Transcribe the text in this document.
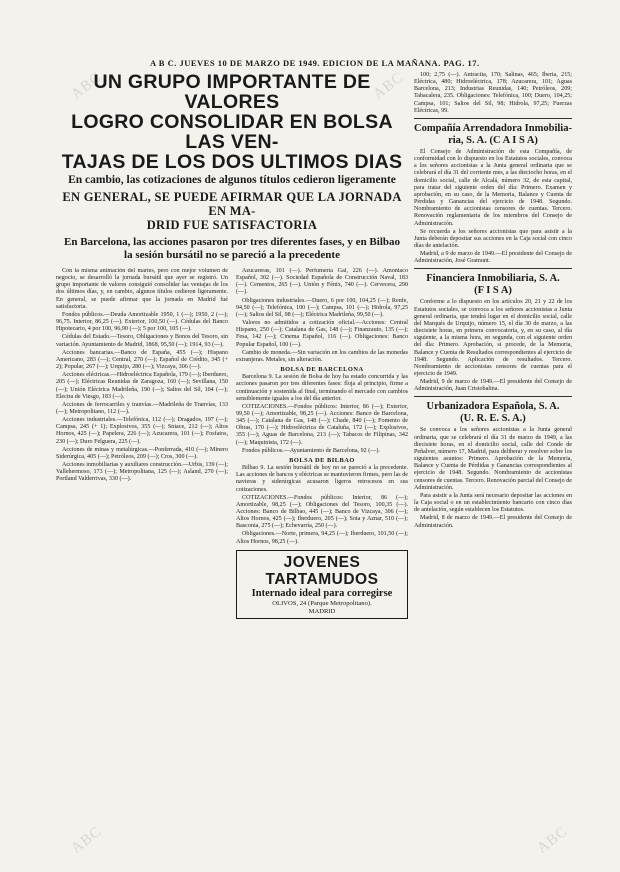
A B C. JUEVES 10 DE MARZO DE 1949. EDICION DE LA MAÑANA. PAG. 17.
UN GRUPO IMPORTANTE DE VALORES
LOGRO CONSOLIDAR EN BOLSA LAS VEN-
TAJAS DE LOS DOS ULTIMOS DIAS
En cambio, las cotizaciones de algunos títulos cedieron ligeramente
EN GENERAL, SE PUEDE AFIRMAR QUE LA JORNADA EN MA-
DRID FUE SATISFACTORIA
En Barcelona, las acciones pasaron por tres diferentes fases, y en Bilbao
la sesión bursátil no se pareció a la precedente

Con la misma animación del martes, pero con mejor volumen de negocio, se desarrolló la jornada bursátil que ayer se registró. Un grupo importante de valores consiguió consolidar las ventajas de los dos últimos días, y, en cambio, algunos títulos cedieron ligeramente. En general, se puede afirmar que la jornada en Madrid fué satisfactoria.

Fondos públicos.—Deuda Amortizable 1950, 1 (—); 1950, 2 (—); 96,75. Interior, 86,25 (—). Exterior, 100,50 (—). Cédulas del Banco Hipotecario, 4 por 100, 96,90 (—); 5 por 100, 105 (—).

Cédulas del Estado.—Tesoro, Obligaciones y Bonos del Tesoro, sin variación. Ayuntamiento de Madrid, 1868, 95,50 (—); 1914, 93 (—).

Acciones bancarias.—Banco de España, 455 (—); Hispano Americano, 283 (—); Central, 270 (—); Español de Crédito, 345 (+ 2); Popular, 267 (—); Urquijo, 280 (—); Vizcaya, 306 (—).

Acciones eléctricas.—Hidroeléctrica Española, 179 (—); Iberduero, 205 (—); Eléctricas Reunidas de Zaragoza, 160 (—); Sevillana, 150 (—); Unión Eléctrica Madrileña, 190 (—); Saltos del Sil, 104 (—); Electra de Viesgo, 183 (—).

Acciones de ferrocarriles y tranvías.—Madrileña de Tranvías, 133 (—); Metropolitano, 112 (—).

Acciones industriales.—Telefónica, 112 (—); Dragados, 197 (—); Campsa, 245 (+ 1); Explosivos, 355 (—); Sniace, 212 (—); Altos Hornos, 425 (—); Papelera, 226 (—); Azucarera, 101 (—); Fosfatos, 230 (—); Duro Felguera, 225 (—).

Acciones de minas y metalúrgicas.—Ponferrada, 410 (—); Minero Siderúrgica, 405 (—); Petróleos, 209 (—); Cros, 300 (—).

Acciones inmobiliarias y auxiliares construcción.—Urbis, 139 (—); Vallehermoso, 173 (—); Metropolitana, 125 (—); Asland, 270 (—); Portland Valderrivas, 330 (—).

Azucareras, 101 (—). Perfumería Gal, 226 (—). Amoniaco Español, 302 (—). Sociedad Española de Construcción Naval, 183 (—). Cementos, 265 (—). Unión y Fénix, 740 (—). Cervecera, 290 (—).

Obligaciones industriales.—Duero, 6 por 100, 104,25 (—); Renfe, 94,50 (—); Telefónica, 100 (—); Campsa, 101 (—); Hidrola, 97,25 (—); Saltos del Sil, 98 (—); Eléctrica Madrileña, 99,50 (—).

Valores no admitidos a cotización oficial.—Acciones: Central Hispano, 250 (—); Catalana de Gas, 148 (—); Finanzauto, 135 (—); Fesa, 142 (—); Cinema Español, 116 (—). Obligaciones: Banco Popular Español, 100 (—).

Cambio de moneda.—Sin variación en los cambios de las monedas extranjeras. Metales, sin alteración.

BOLSA DE BARCELONA

Barcelona 9. La sesión de Bolsa de hoy ha estado concurrida y las acciones pasaron por tres diferentes fases: floja al principio, firme a continuación y sostenida al final, terminando el mercado con cambios sensiblemente iguales a los del día anterior.

COTIZACIONES.—Fondos públicos: Interior, 86 (—); Exterior, 99,50 (—); Amortizable, 98,25 (—). Acciones: Banco de Barcelona, 345 (—); Catalana de Gas, 148 (—); Chade, 840 (—); Fomento de Obras, 170 (—); Hidroeléctrica de Cataluña, 172 (—); Explosivos, 355 (—); Aguas de Barcelona, 213 (—); Tabacos de Filipinas, 342 (—); Maquinista, 172 (—).

Fondos públicos.—Ayuntamiento de Barcelona, 92 (—).

BOLSA DE BILBAO

Bilbao 9. La sesión bursátil de hoy no se pareció a la precedente. Las acciones de bancos y eléctricas se mantuvieron firmes, pero las de navieras y siderúrgicas acusaron ligeros retrocesos en sus cotizaciones.

COTIZACIONES.—Fondos públicos: Interior, 86 (—); Amortizable, 98,25 (—); Obligaciones del Tesoro, 100,35 (—). Acciones: Banco de Bilbao, 445 (—); Banco de Vizcaya, 306 (—); Altos Hornos, 425 (—); Iberduero, 205 (—); Sota y Aznar, 510 (—); Basconia, 275 (—); Echevarría, 250 (—).

Obligaciones.—Norte, primera, 94,25 (—); Iberduero, 101,50 (—); Altos Hornos, 98,25 (—).

JOVENES TARTAMUDOS
Internado ideal para corregirse
OLIVOS, 24 (Parque Metropolitano).
MADRID

100; 2,75 (—). Antracita, 170; Salinas, 465; Iberia, 215; Eléctrica, 480; Hidroeléctrica, 178; Azucarera, 101; Aguas Barcelona, 213; Industrias Reunidas, 140; Petróleos, 209; Tabacalera, 235. Obligaciones: Telefónica, 100; Duero, 104,25; Campsa, 101; Saltos del Sil, 98; Hidrola, 97,25; Fuerzas Eléctricas, 99.

Compañía Arrendadora Inmobilia-
ria, S. A. (C A I S A)

El Consejo de Administración de esta Compañía, de conformidad con lo dispuesto en los Estatutos sociales, convoca a los señores accionistas a la Junta general ordinaria que se celebrará el día 31 del corriente mes, a las dieciocho horas, en el domicilio social, calle de Alcalá, número 32, de esta capital, para tratar del siguiente orden del día: Primero. Examen y aprobación, en su caso, de la Memoria, Balance y Cuenta de Pérdidas y Ganancias del ejercicio de 1948. Segundo. Nombramiento de accionistas censores de cuentas. Tercero. Renovación reglamentaria de los miembros del Consejo de Administración.

Se recuerda a los señores accionistas que para asistir a la Junta deberán depositar sus acciones en la Caja social con cinco días de antelación.

Madrid, a 9 de marzo de 1949.—El presidente del Consejo de Administración, José Gramunt.

Financiera Inmobiliaria, S. A.
(F I S A)

Conforme a lo dispuesto en los artículos 20, 21 y 22 de los Estatutos sociales, se convoca a los señores accionistas a Junta general ordinaria, que tendrá lugar en el domicilio social, calle del Marqués de Urquijo, número 15, el día 30 de marzo, a las diecisiete horas, en primera convocatoria, y, en su caso, al día siguiente, a la misma hora, en segunda, con el siguiente orden del día: Primero. Aprobación, si procede, de la Memoria, Balance y Cuenta de Resultados correspondientes al ejercicio de 1948. Segundo. Aplicación de resultados. Tercero. Nombramiento de accionistas censores de cuentas para el ejercicio de 1949.

Madrid, 9 de marzo de 1949.—El presidente del Consejo de Administración, Juan Cristobalina.

Urbanizadora Española, S. A.
(U. R. E. S. A.)

Se convoca a los señores accionistas a la Junta general ordinaria, que se celebrará el día 31 de marzo de 1949, a las diecisiete horas, en el domicilio social, calle del Conde de Peñalver, número 17, Madrid, para deliberar y resolver sobre los siguientes asuntos: Primero. Aprobación de la Memoria, Balance y Cuenta de Pérdidas y Ganancias correspondientes al ejercicio de 1948. Segundo. Nombramiento de accionistas censores de cuentas. Tercero. Renovación parcial del Consejo de Administración.

Para asistir a la Junta será necesario depositar las acciones en la Caja social o en un establecimiento bancario con cinco días de antelación, según establecen los Estatutos.

Madrid, 8 de marzo de 1949.—El presidente del Consejo de Administración.

ABC	ABC
ABC	ABC
